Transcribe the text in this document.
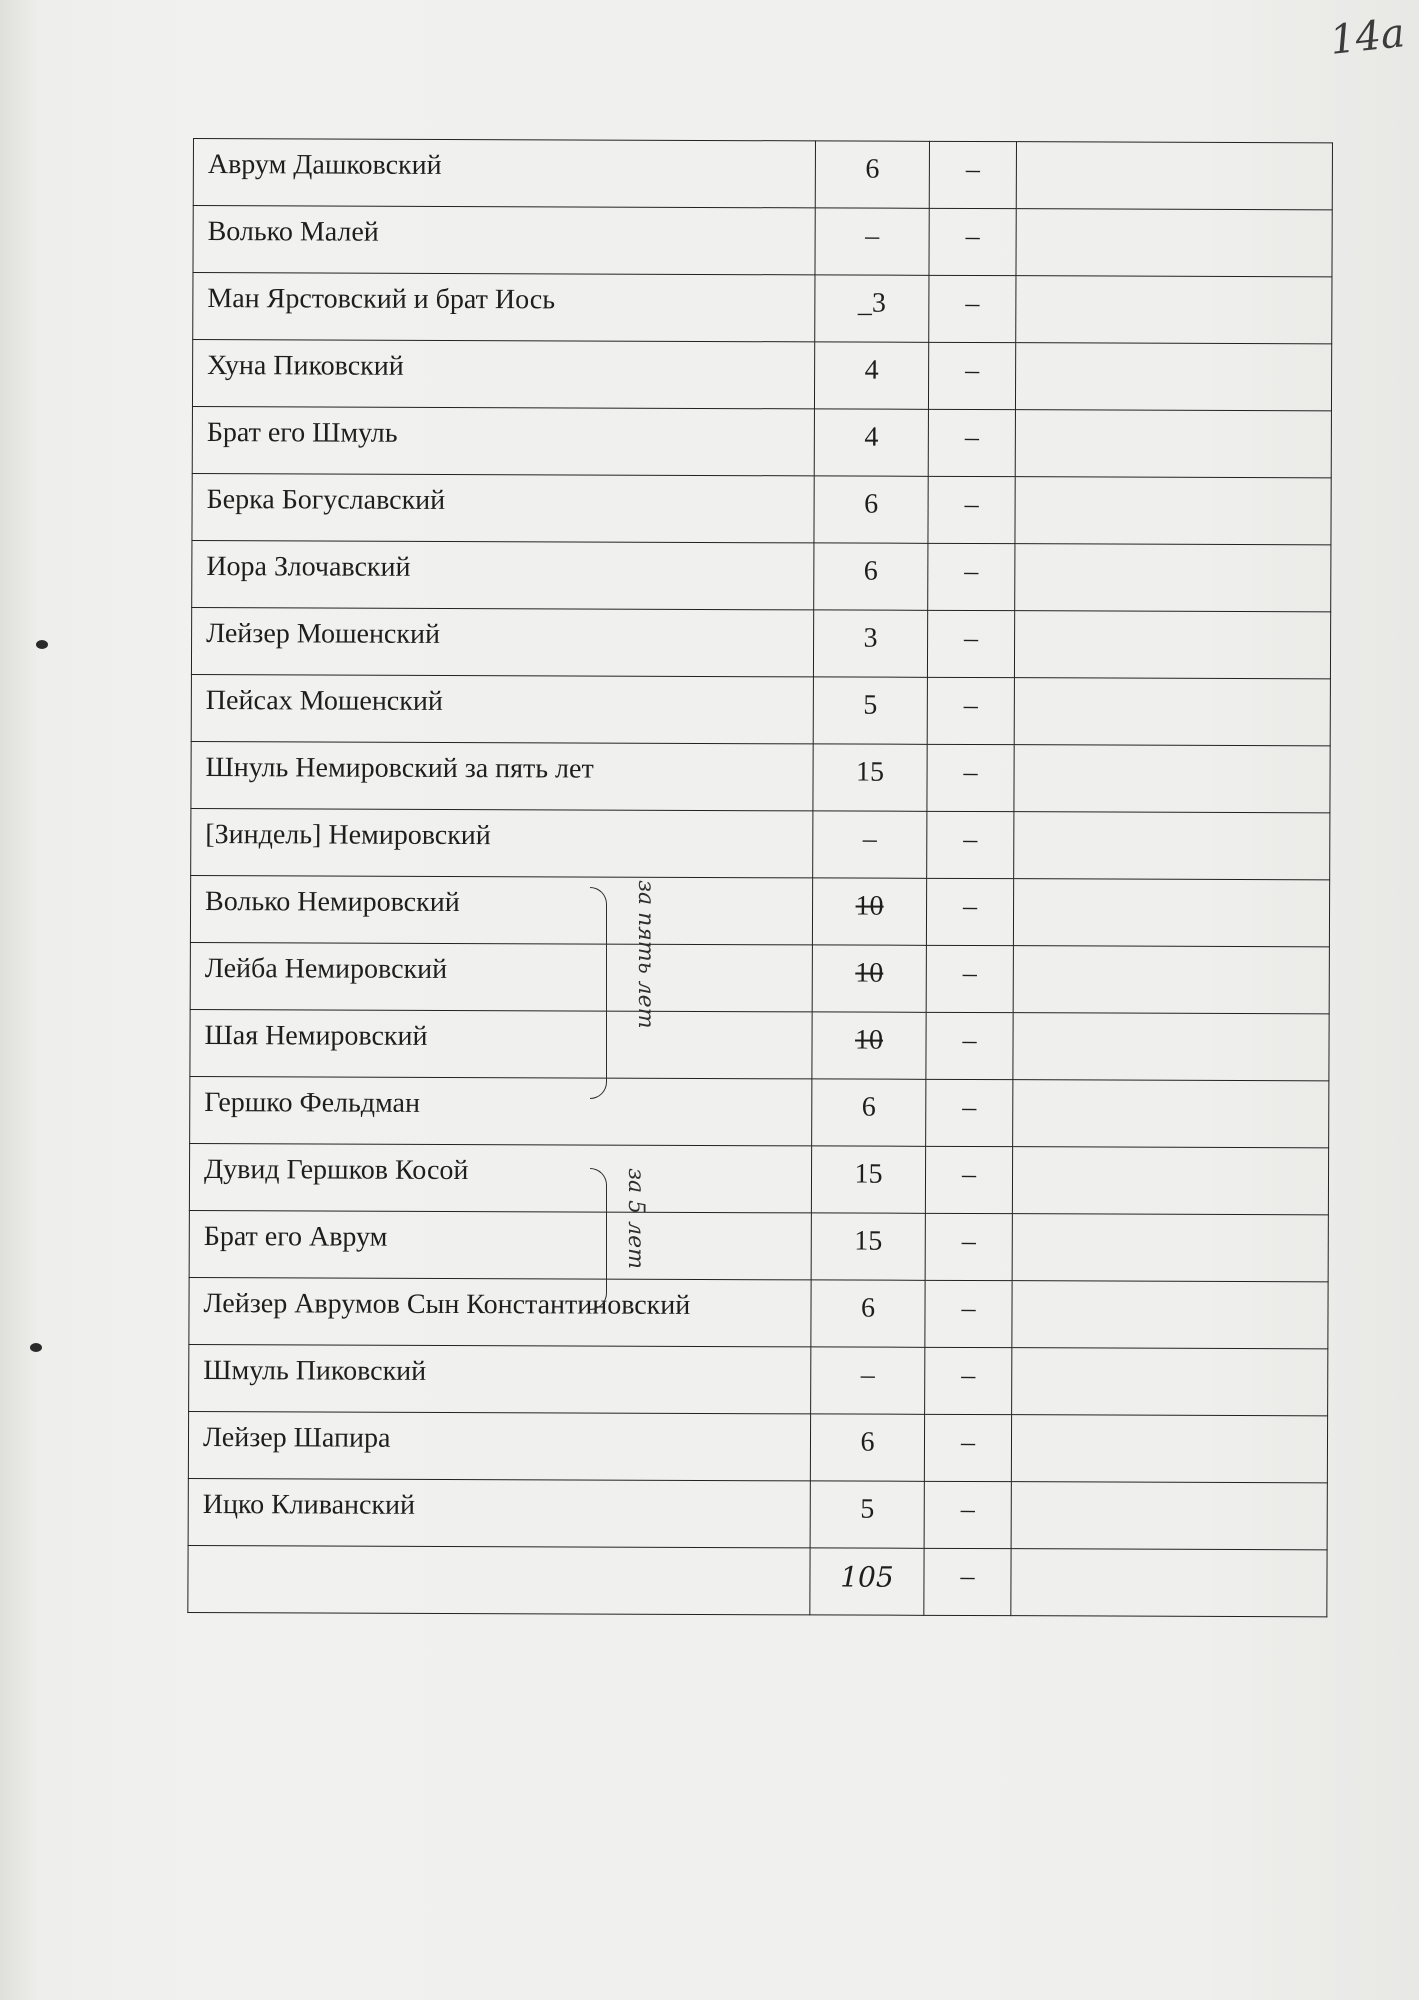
14a
Аврум Дашковский	6	–	
Волько Малей	–	–	
Ман Ярстовский и брат Иось	_3	–	
Хуна Пиковский	4	–	
Брат его Шмуль	4	–	
Берка Богуславский	6	–	
Иора Злочавский	6	–	
Лейзер Мошенский	3	–	
Пейсах Мошенский	5	–	
Шнуль Немировский за пять лет	15	–	
[Зиндель] Немировский	–	–	
Волько Немировский	10	–	
Лейба Немировский	10	–	
Шая Немировский	10	–	
Гершко Фельдман	6	–	
Дувид Гершков Косой	15	–	
Брат его Аврум	15	–	
Лейзер Аврумов Сын Константиновский	6	–	
Шмуль Пиковский	–	–	
Лейзер Шапира	6	–	
Ицко Кливанский	5	–	
	105	–	
за пять лет
за 5 лет
